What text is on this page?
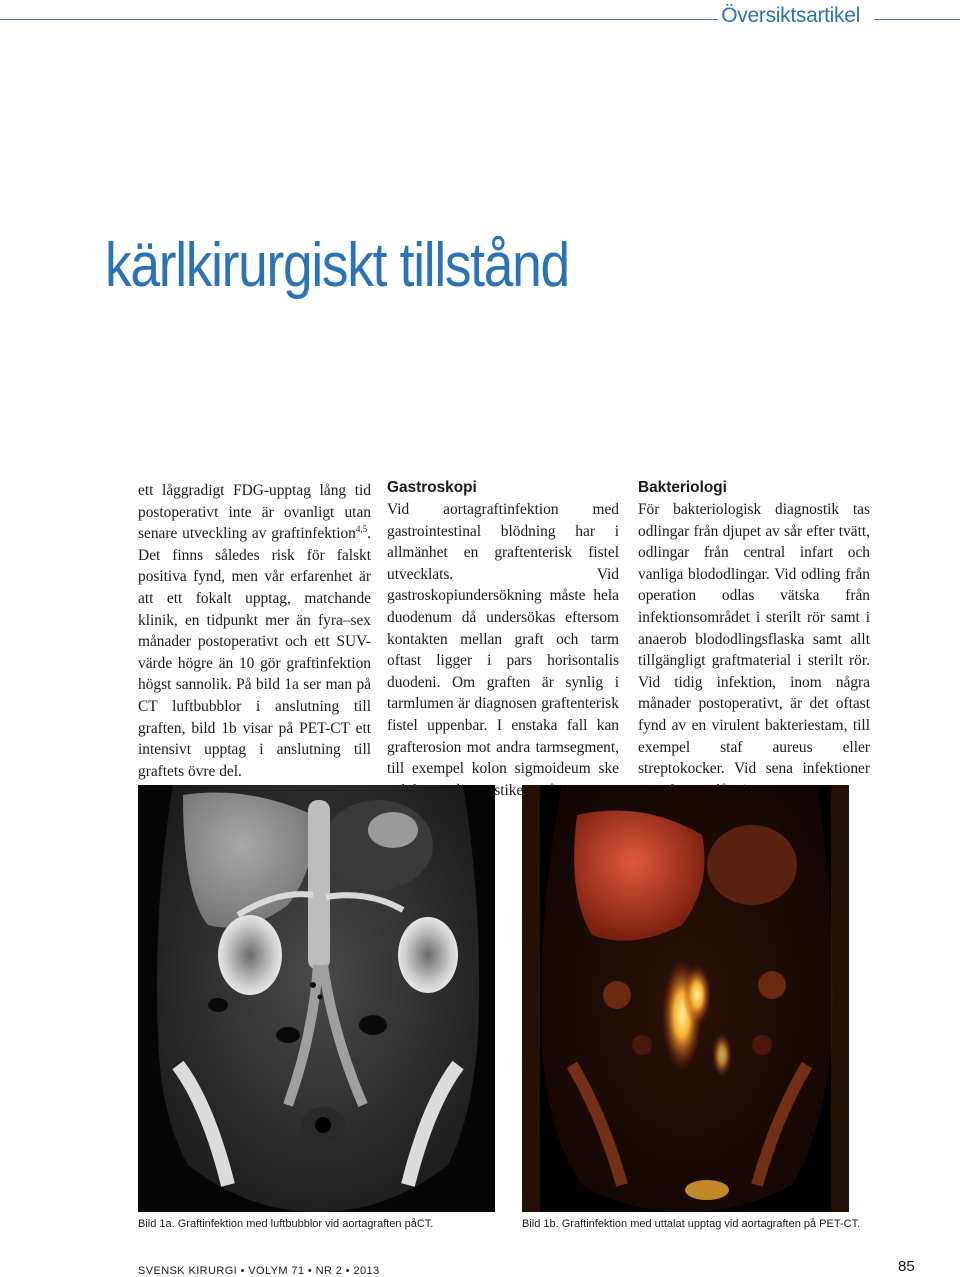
Översiktsartikel
kärlkirurgiskt tillstånd

ett låggradigt FDG-upptag lång tid postoperativt inte är ovanligt utan senare utveckling av graftinfektion$^{4,5}$. Det finns således risk för falskt positiva fynd, men vår erfarenhet är att ett fokalt upptag, matchande klinik, en tidpunkt mer än fyra–sex månader postoperativt och ett SUV-värde högre än 10 gör graftinfektion högst sannolik. På bild 1a ser man på CT luftbubblor i anslutning till graften, bild 1b visar på PET-CT ett intensivt upptag i anslutning till graftets övre del.

Gastroskopi

Vid aortagraftinfektion med gastrointestinal blödning har i allmänhet en graftenterisk fistel utvecklats. Vid gastroskopiundersökning måste hela duodenum då undersökas eftersom kontakten mellan graft och tarm oftast ligger i pars horisontalis duodeni. Om graften är synlig i tarmlumen är diagnosen graftenterisk fistel uppenbar. I enstaka fall kan grafterosion mot andra tarmsegment, till exempel kolon sigmoideum ske

Bakteriologi

För bakteriologisk diagnostik tas odlingar från djupet av sår efter tvätt, odlingar från central infart och vanliga blododlingar. Vid odling från operation odlas vätska från infektionsområdet i sterilt rör samt i anaerob blododlingsflaska samt allt tillgängligt graftmaterial i sterilt rör. Vid tidig infektion, inom några månader postoperativt, är det oftast fynd av en virulent bakteriestam, till exempel staf aureus eller streptokocker. Vid sena infektioner

Bild 1a. Graftinfektion med luftbubblor vid aortagraften påCT.	Bild 1b. Graftinfektion med uttalat upptag vid aortagraften på PET-CT.
SVENSK KIRURGI • VOLYM 71 • NR 2 • 2013	85
